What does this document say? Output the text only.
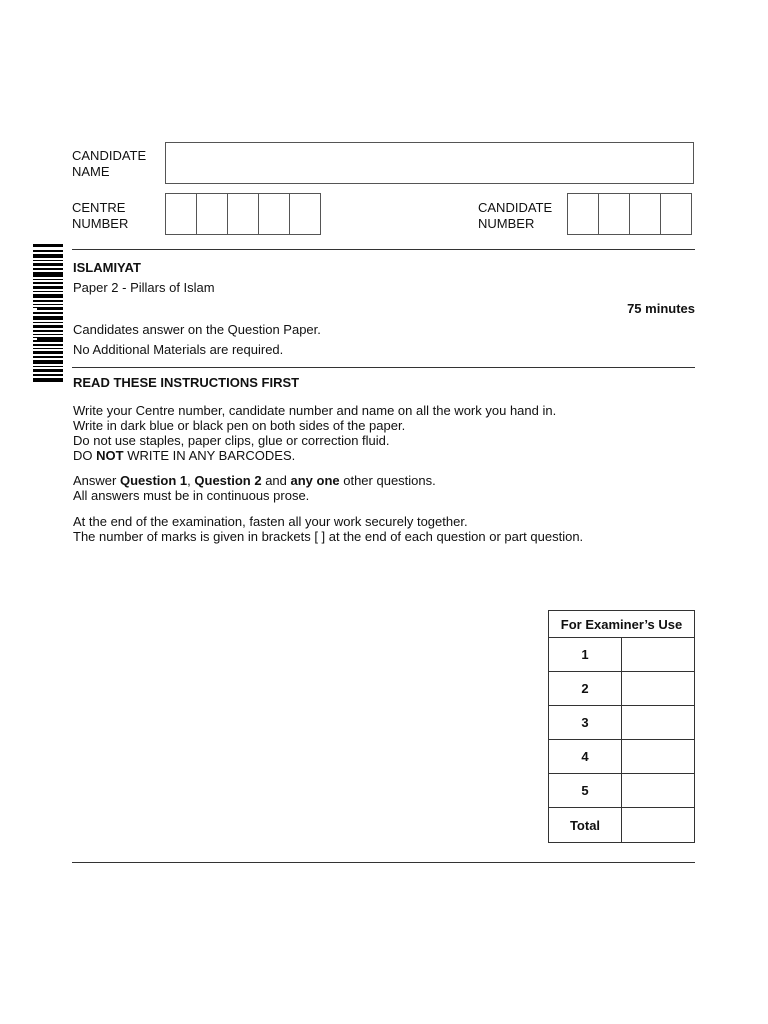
CANDIDATE
NAME
CENTRE
NUMBER
CANDIDATE
NUMBER
ISLAMIYAT
Paper 2 - Pillars of Islam
75 minutes
Candidates answer on the Question Paper.
No Additional Materials are required.
READ THESE INSTRUCTIONS FIRST
Write your Centre number, candidate number and name on all the work you hand in.
Write in dark blue or black pen on both sides of the paper.
Do not use staples, paper clips, glue or correction fluid.
DO NOT WRITE IN ANY BARCODES.
Answer Question 1, Question 2 and any one other questions.
All answers must be in continuous prose.
At the end of the examination, fasten all your work securely together.
The number of marks is given in brackets [ ] at the end of each question or part question.
For Examiner’s Use	
1	
2	
3	
4	
5	
Total	
